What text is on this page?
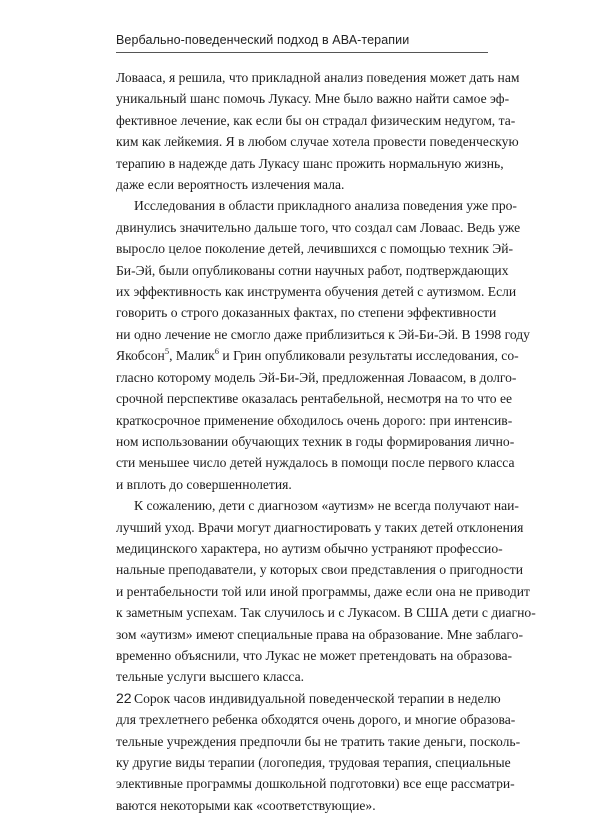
Вербально-поведенческий подход в АВА-терапии
Ловааса, я решила, что прикладной анализ поведения может дать нам
уникальный шанс помочь Лукасу. Мне было важно найти самое эф-
фективное лечение, как если бы он страдал физическим недугом, та-
ким как лейкемия. Я в любом случае хотела провести поведенческую
терапию в надежде дать Лукасу шанс прожить нормальную жизнь,
даже если вероятность излечения мала.
Исследования в области прикладного анализа поведения уже про-
двинулись значительно дальше того, что создал сам Ловаас. Ведь уже
выросло целое поколение детей, лечившихся с помощью техник Эй-
Би-Эй, были опубликованы сотни научных работ, подтверждающих
их эффективность как инструмента обучения детей с аутизмом. Если
говорить о строго доказанных фактах, по степени эффективности
ни одно лечение не смогло даже приблизиться к Эй-Би-Эй. В 1998 году
Якобсон$^5$, Малик$^6$ и Грин опубликовали результаты исследования, со-
гласно которому модель Эй-Би-Эй, предложенная Ловаасом, в долго-
срочной перспективе оказалась рентабельной, несмотря на то что ее
краткосрочное применение обходилось очень дорого: при интенсив-
ном использовании обучающих техник в годы формирования лично-
сти меньшее число детей нуждалось в помощи после первого класса
и вплоть до совершеннолетия.
К сожалению, дети с диагнозом «аутизм» не всегда получают наи-
лучший уход. Врачи могут диагностировать у таких детей отклонения
медицинского характера, но аутизм обычно устраняют профессио-
нальные преподаватели, у которых свои представления о пригодности
и рентабельности той или иной программы, даже если она не приводит
к заметным успехам. Так случилось и с Лукасом. В США дети с диагно-
зом «аутизм» имеют специальные права на образование. Мне заблаго-
временно объяснили, что Лукас не может претендовать на образова-
тельные услуги высшего класса.
Сорок часов индивидуальной поведенческой терапии в неделю
для трехлетнего ребенка обходятся очень дорого, и многие образова-
тельные учреждения предпочли бы не тратить такие деньги, посколь-
ку другие виды терапии (логопедия, трудовая терапия, специальные
элективные программы дошкольной подготовки) все еще рассматри-
ваются некоторыми как «соответствующие».
22
